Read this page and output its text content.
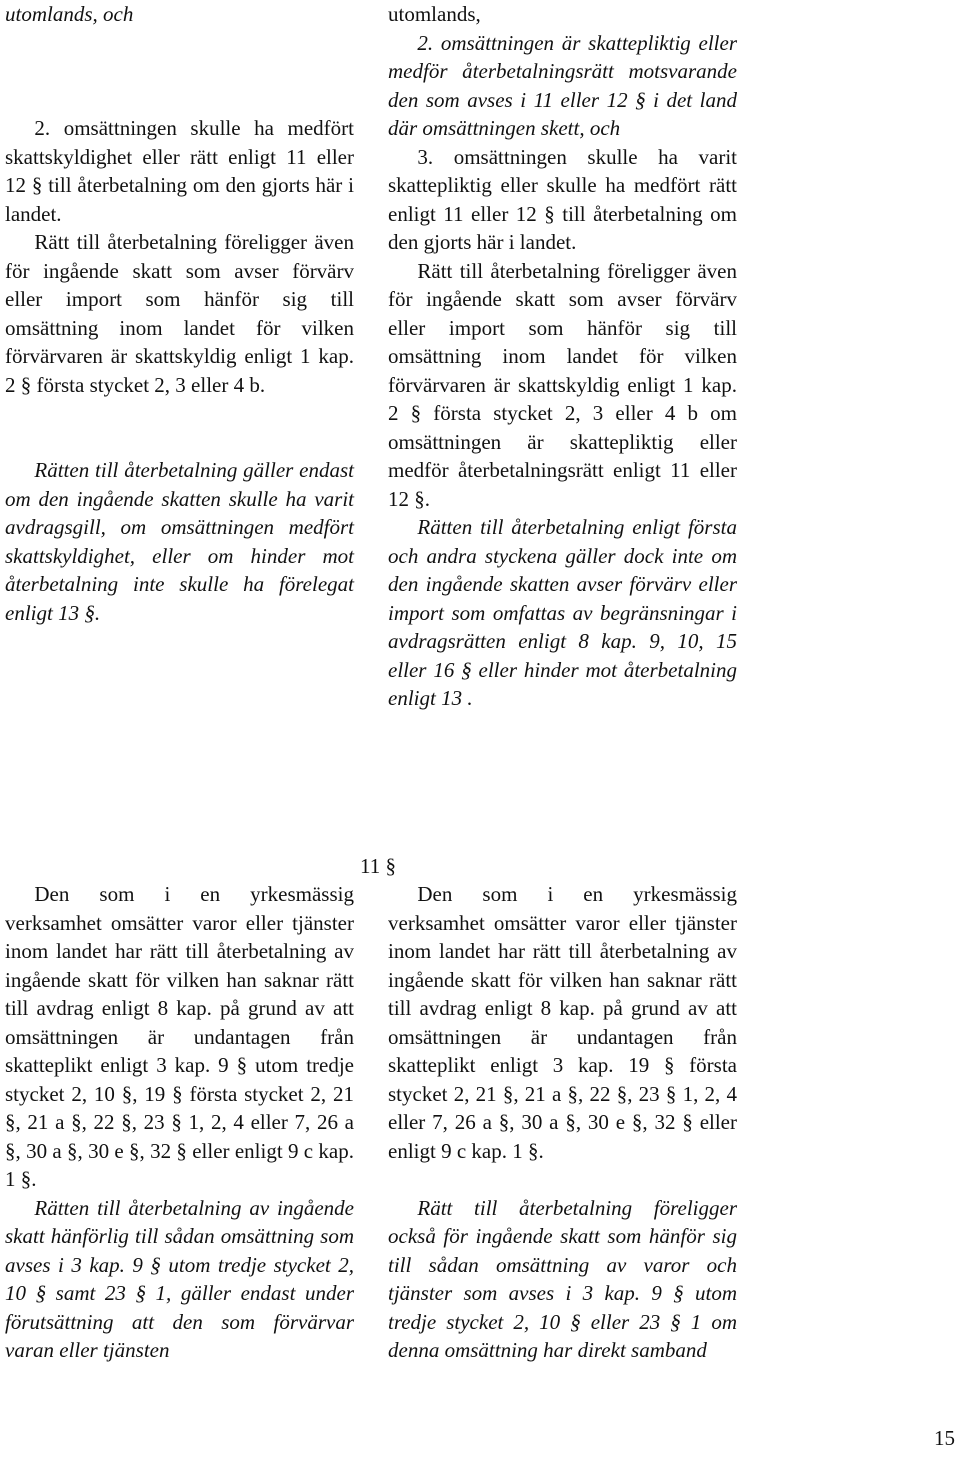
utomlands, och

2. omsättningen skulle ha medfört skattskyldighet eller rätt enligt 11 eller 12 § till återbetalning om den gjorts här i landet.

Rätt till återbetalning föreligger även för ingående skatt som avser förvärv eller import som hänför sig till omsättning inom landet för vilken förvärvaren är skattskyldig enligt 1 kap. 2 § första stycket 2, 3 eller 4 b.

Rätten till återbetalning gäller endast om den ingående skatten skulle ha varit avdragsgill, om omsättningen medfört skattskyldighet, eller om hinder mot återbetalning inte skulle ha förelegat enligt 13 §.

utomlands,

2. omsättningen är skattepliktig eller medför återbetalningsrätt motsvarande den som avses i 11 eller 12 § i det land där omsättningen skett, och

3. omsättningen skulle ha varit skattepliktig eller skulle ha medfört rätt enligt 11 eller 12 § till återbetalning om den gjorts här i landet.

Rätt till återbetalning föreligger även för ingående skatt som avser förvärv eller import som hänför sig till omsättning inom landet för vilken förvärvaren är skattskyldig enligt 1 kap. 2 § första stycket 2, 3 eller 4 b om omsättningen är skattepliktig eller medför återbetalningsrätt enligt 11 eller 12 §.

Rätten till återbetalning enligt första och andra styckena gäller dock inte om den ingående skatten avser förvärv eller import som omfattas av begränsningar i avdragsrätten enligt 8 kap. 9, 10, 15 eller 16 § eller hinder mot återbetalning enligt 13 .

11 §

Den som i en yrkesmässig verksamhet omsätter varor eller tjänster inom landet har rätt till återbetalning av ingående skatt för vilken han saknar rätt till avdrag enligt 8 kap. på grund av att omsättningen är undantagen från skatteplikt enligt 3 kap. 9 § utom tredje stycket 2, 10 §, 19 § första stycket 2, 21 §, 21 a §, 22 §, 23 § 1, 2, 4 eller 7, 26 a §, 30 a §, 30 e §, 32 § eller enligt 9 c kap. 1 §.

Rätten till återbetalning av ingående skatt hänförlig till sådan omsättning som avses i 3 kap. 9 § utom tredje stycket 2, 10 § samt 23 § 1, gäller endast under förutsättning att den som förvärvar varan eller tjänsten

Den som i en yrkesmässig verksamhet omsätter varor eller tjänster inom landet har rätt till återbetalning av ingående skatt för vilken han saknar rätt till avdrag enligt 8 kap. på grund av att omsättningen är undantagen från skatteplikt enligt 3 kap. 19 § första stycket 2, 21 §, 21 a §, 22 §, 23 § 1, 2, 4 eller 7, 26 a §, 30 a §, 30 e §, 32 § eller enligt 9 c kap. 1 §.

Rätt till återbetalning föreligger också för ingående skatt som hänför sig till sådan omsättning av varor och tjänster som avses i 3 kap. 9 § utom tredje stycket 2, 10 § eller 23 § 1 om denna omsättning har direkt samband

15
